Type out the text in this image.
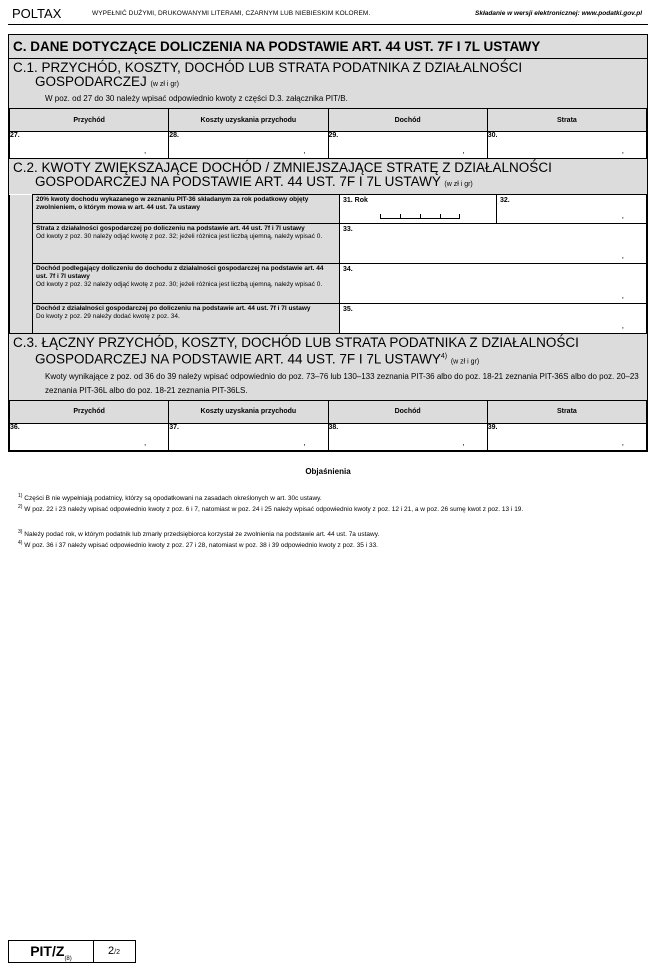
POLTAX	WYPEŁNIĆ DUŻYMI, DRUKOWANYMI LITERAMI, CZARNYM LUB NIEBIESKIM KOLOREM.	Składanie w wersji elektronicznej: www.podatki.gov.pl
C. DANE DOTYCZĄCE DOLICZENIA NA PODSTAWIE ART. 44 UST. 7F I 7L USTAWY
C.1. PRZYCHÓD, KOSZTY, DOCHÓD LUB STRATA PODATNIKA Z DZIAŁALNOŚCI
GOSPODARCZEJ (w zł i gr)
W poz. od 27 do 30 należy wpisać odpowiednio kwoty z części D.3. załącznika PIT/B.
Przychód	Koszty uzyskania przychodu	Dochód	Strata
27.
,	28.
,	29.
,	30.
,
C.2. KWOTY ZWIĘKSZAJĄCE DOCHÓD / ZMNIEJSZAJĄCE STRATĘ Z DZIAŁALNOŚCI
GOSPODARCZEJ NA PODSTAWIE ART. 44 UST. 7F I 7L USTAWY (w zł i gr)
	20% kwoty dochodu wykazanego w zeznaniu PIT-36 składanym za rok podatkowy objęty zwolnieniem, o którym mowa w art. 44 ust. 7a ustawy	31. Rok	32.
,

	Strata z działalności gospodarczej po doliczeniu na podstawie art. 44 ust. 7f i 7l ustawy
Od kwoty z poz. 30 należy odjąć kwotę z poz. 32; jeżeli różnica jest liczbą ujemną, należy wpisać 0.	33.
,	

	Dochód podlegający doliczeniu do dochodu z działalności gospodarczej na podstawie art. 44 ust. 7f i 7l ustawy
Od kwoty z poz. 32 należy odjąć kwotę z poz. 30; jeżeli różnica jest liczbą ujemną, należy wpisać 0.	34.
,	

	Dochód z działalności gospodarczej po doliczeniu na podstawie art. 44 ust. 7f i 7l ustawy
Do kwoty z poz. 29 należy dodać kwotę z poz. 34.	35.
,	
C.3. ŁĄCZNY PRZYCHÓD, KOSZTY, DOCHÓD LUB STRATA PODATNIKA Z DZIAŁALNOŚCI
GOSPODARCZEJ NA PODSTAWIE ART. 44 UST. 7F I 7L USTAWY$^{4)}$ (w zł i gr)
Kwoty wynikające z poz. od 36 do 39 należy wpisać odpowiednio do poz. 73–76 lub 130–133 zeznania PIT-36 albo do poz. 18-21 zeznania PIT-36S albo do poz. 20–23 zeznania PIT-36L albo do poz. 18-21 zeznania PIT-36LS.
Przychód	Koszty uzyskania przychodu	Dochód	Strata
36.
,	37.
,	38.
,	39.
,
Objaśnienia
$^{1)}$ Części B nie wypełniają podatnicy, którzy są opodatkowani na zasadach określonych w art. 30c ustawy.
$^{2)}$ W poz. 22 i 23 należy wpisać odpowiednio kwoty z poz. 6 i 7, natomiast w poz. 24 i 25 należy wpisać odpowiednio kwoty z poz. 12 i 21, a w poz. 26 sumę kwot z poz. 13 i 19.
$^{3)}$ Należy podać rok, w którym podatnik lub zmarły przedsiębiorca korzystał ze zwolnienia na podstawie art. 44 ust. 7a ustawy.
$^{4)}$ W poz. 36 i 37 należy wpisać odpowiednio kwoty z poz. 27 i 28, natomiast w poz. 38 i 39 odpowiednio kwoty z poz. 35 i 33.
PIT/$Z_{(8)}$
2/2
